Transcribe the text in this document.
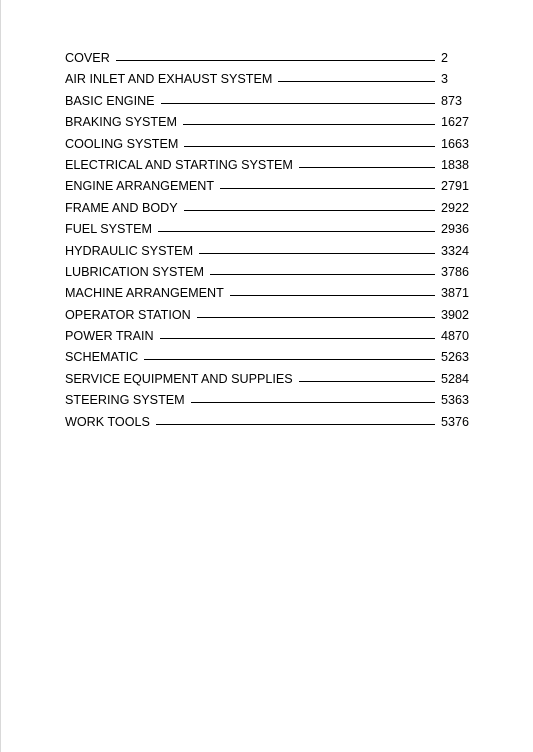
COVER	2
AIR INLET AND EXHAUST SYSTEM	3
BASIC ENGINE	873
BRAKING SYSTEM	1627
COOLING SYSTEM	1663
ELECTRICAL AND STARTING SYSTEM	1838
ENGINE ARRANGEMENT	2791
FRAME AND BODY	2922
FUEL SYSTEM	2936
HYDRAULIC SYSTEM	3324
LUBRICATION SYSTEM	3786
MACHINE ARRANGEMENT	3871
OPERATOR STATION	3902
POWER TRAIN	4870
SCHEMATIC	5263
SERVICE EQUIPMENT AND SUPPLIES	5284
STEERING SYSTEM	5363
WORK TOOLS	5376
